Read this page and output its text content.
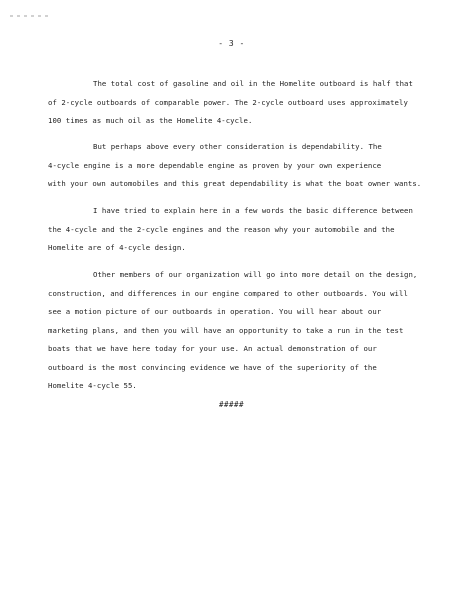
- 3 -
The total cost of gasoline and oil in the Homelite outboard is half that
of 2-cycle outboards of comparable power. The 2-cycle outboard uses approximately
100 times as much oil as the Homelite 4-cycle.
But perhaps above every other consideration is dependability. The
4-cycle engine is a more dependable engine as proven by your own experience
with your own automobiles and this great dependability is what the boat owner wants.
I have tried to explain here in a few words the basic difference between
the 4-cycle and the 2-cycle engines and the reason why your automobile and the
Homelite are of 4-cycle design.
Other members of our organization will go into more detail on the design,
construction, and differences in our engine compared to other outboards. You will
see a motion picture of our outboards in operation. You will hear about our
marketing plans, and then you will have an opportunity to take a run in the test
boats that we have here today for your use. An actual demonstration of our
outboard is the most convincing evidence we have of the superiority of the
Homelite 4-cycle 55.
#####
